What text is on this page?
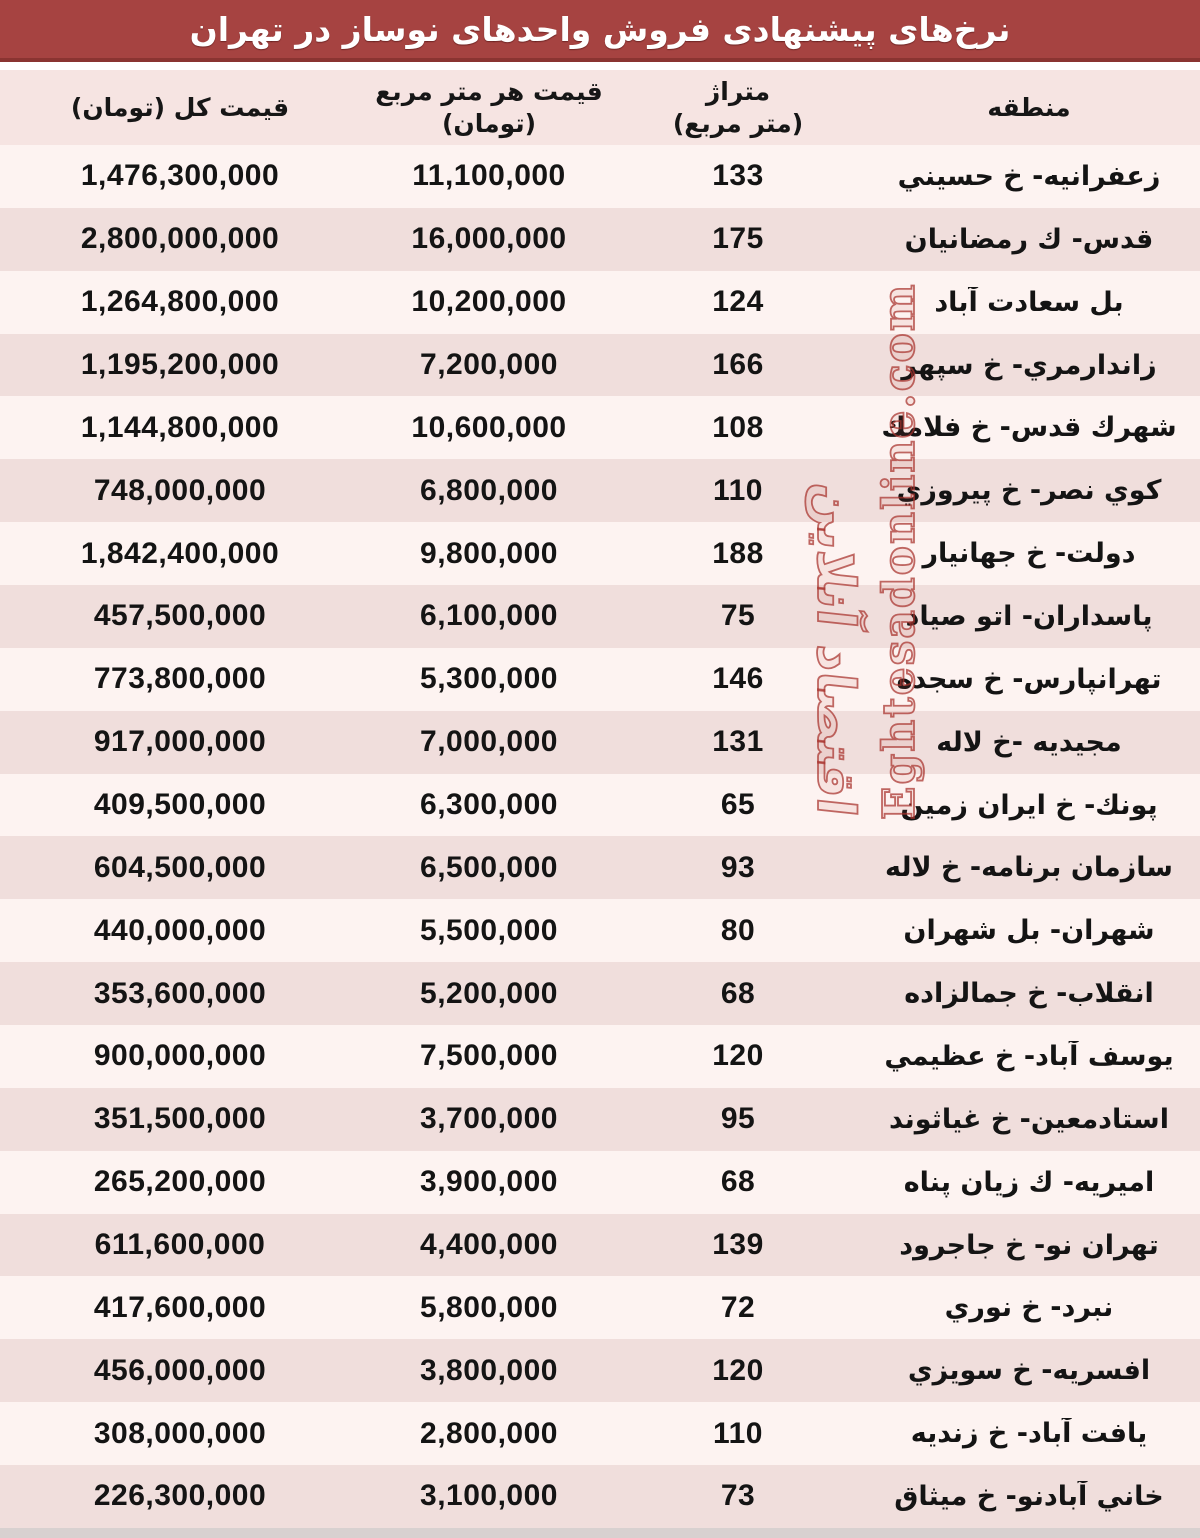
نرخ‌های پیشنهادی فروش واحدهای نوساز در تهران
منطقه
متراژ
(متر مربع)
قیمت هر متر مربع
(تومان)
قیمت کل (تومان)
زعفرانيه- خ حسيني
133
11,100,000
1,476,300,000
قدس- ك رمضانيان
175
16,000,000
2,800,000,000
بل سعادت آباد
124
10,200,000
1,264,800,000
زاندارمري- خ سپهر
166
7,200,000
1,195,200,000
شهرك قدس- خ فلامك
108
10,600,000
1,144,800,000
كوي نصر- خ پيروزي
110
6,800,000
748,000,000
دولت- خ جهانيار
188
9,800,000
1,842,400,000
پاسداران- اتو صياد
75
6,100,000
457,500,000
تهرانپارس- خ سجده
146
5,300,000
773,800,000
مجيديه -خ لاله
131
7,000,000
917,000,000
پونك- خ ايران زمين
65
6,300,000
409,500,000
سازمان برنامه- خ لاله
93
6,500,000
604,500,000
شهران- بل شهران
80
5,500,000
440,000,000
انقلاب- خ جمالزاده
68
5,200,000
353,600,000
يوسف آباد- خ عظيمي
120
7,500,000
900,000,000
استادمعين- خ غياثوند
95
3,700,000
351,500,000
اميريه- ك زيان پناه
68
3,900,000
265,200,000
تهران نو- خ جاجرود
139
4,400,000
611,600,000
نبرد- خ نوري
72
5,800,000
417,600,000
افسريه- خ سويزي
120
3,800,000
456,000,000
يافت آباد- خ زنديه
110
2,800,000
308,000,000
خاني آبادنو- خ ميثاق
73
3,100,000
226,300,000
